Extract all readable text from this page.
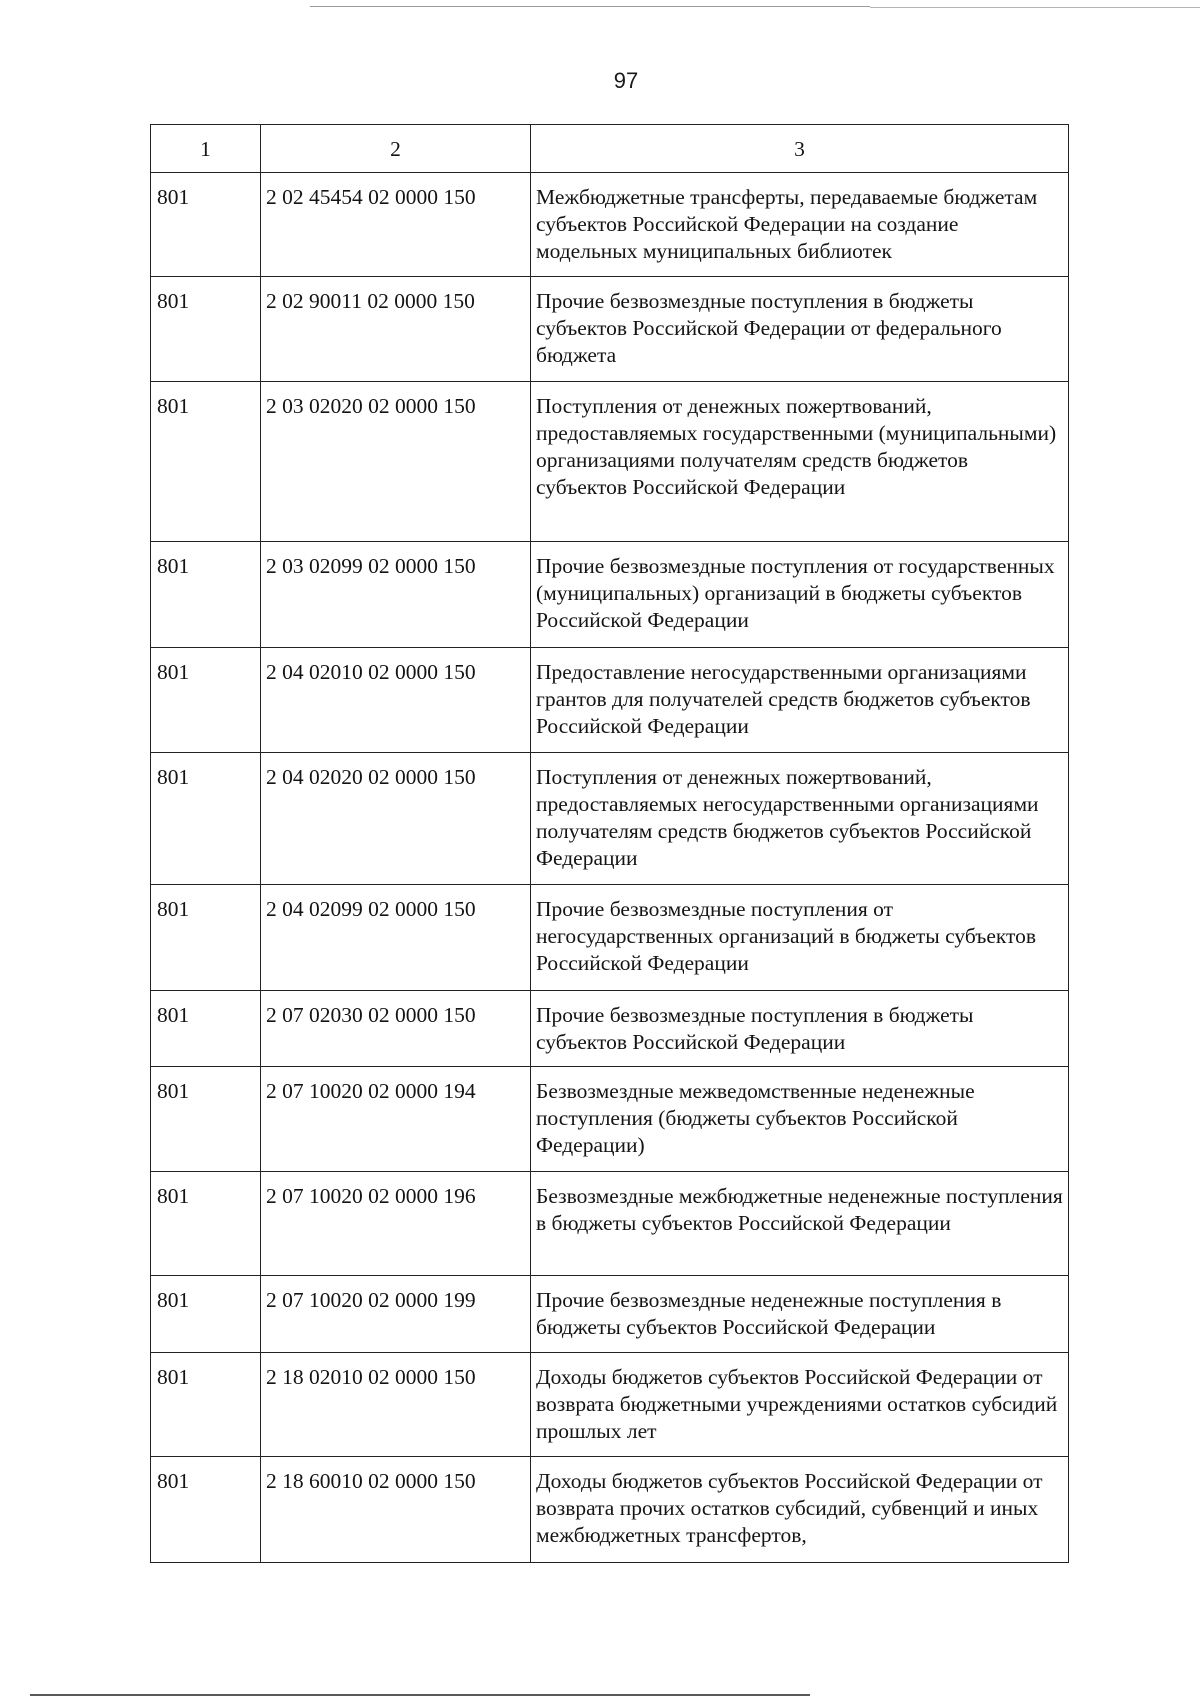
97
1	2	3
801	2 02 45454 02 0000 150	Межбюджетные трансферты, передаваемые бюджетам субъектов Российской Федерации на создание модельных муниципальных библиотек
801	2 02 90011 02 0000 150	Прочие безвозмездные поступления в бюджеты субъектов Российской Федерации от федерального бюджета
801	2 03 02020 02 0000 150	Поступления от денежных пожертвований, предоставляемых государственными (муниципальными) организациями получателям средств бюджетов субъектов Российской Федерации
801	2 03 02099 02 0000 150	Прочие безвозмездные поступления от государственных (муниципальных) организаций в бюджеты субъектов Российской Федерации
801	2 04 02010 02 0000 150	Предоставление негосударственными организациями грантов для получателей средств бюджетов субъектов Российской Федерации
801	2 04 02020 02 0000 150	Поступления от денежных пожертвований, предоставляемых негосударственными организациями получателям средств бюджетов субъектов Российской Федерации
801	2 04 02099 02 0000 150	Прочие безвозмездные поступления от негосударственных организаций в бюджеты субъектов Российской Федерации
801	2 07 02030 02 0000 150	Прочие безвозмездные поступления в бюджеты субъектов Российской Федерации
801	2 07 10020 02 0000 194	Безвозмездные межведомственные неденежные поступления (бюджеты субъектов Российской Федерации)
801	2 07 10020 02 0000 196	Безвозмездные межбюджетные неденежные поступления в бюджеты субъектов Российской Федерации
801	2 07 10020 02 0000 199	Прочие безвозмездные неденежные поступления в бюджеты субъектов Российской Федерации
801	2 18 02010 02 0000 150	Доходы бюджетов субъектов Российской Федерации от возврата бюджетными учреждениями остатков субсидий прошлых лет
801	2 18 60010 02 0000 150	Доходы бюджетов субъектов Российской Федерации от возврата прочих остатков субсидий, субвенций и иных межбюджетных трансфертов,
